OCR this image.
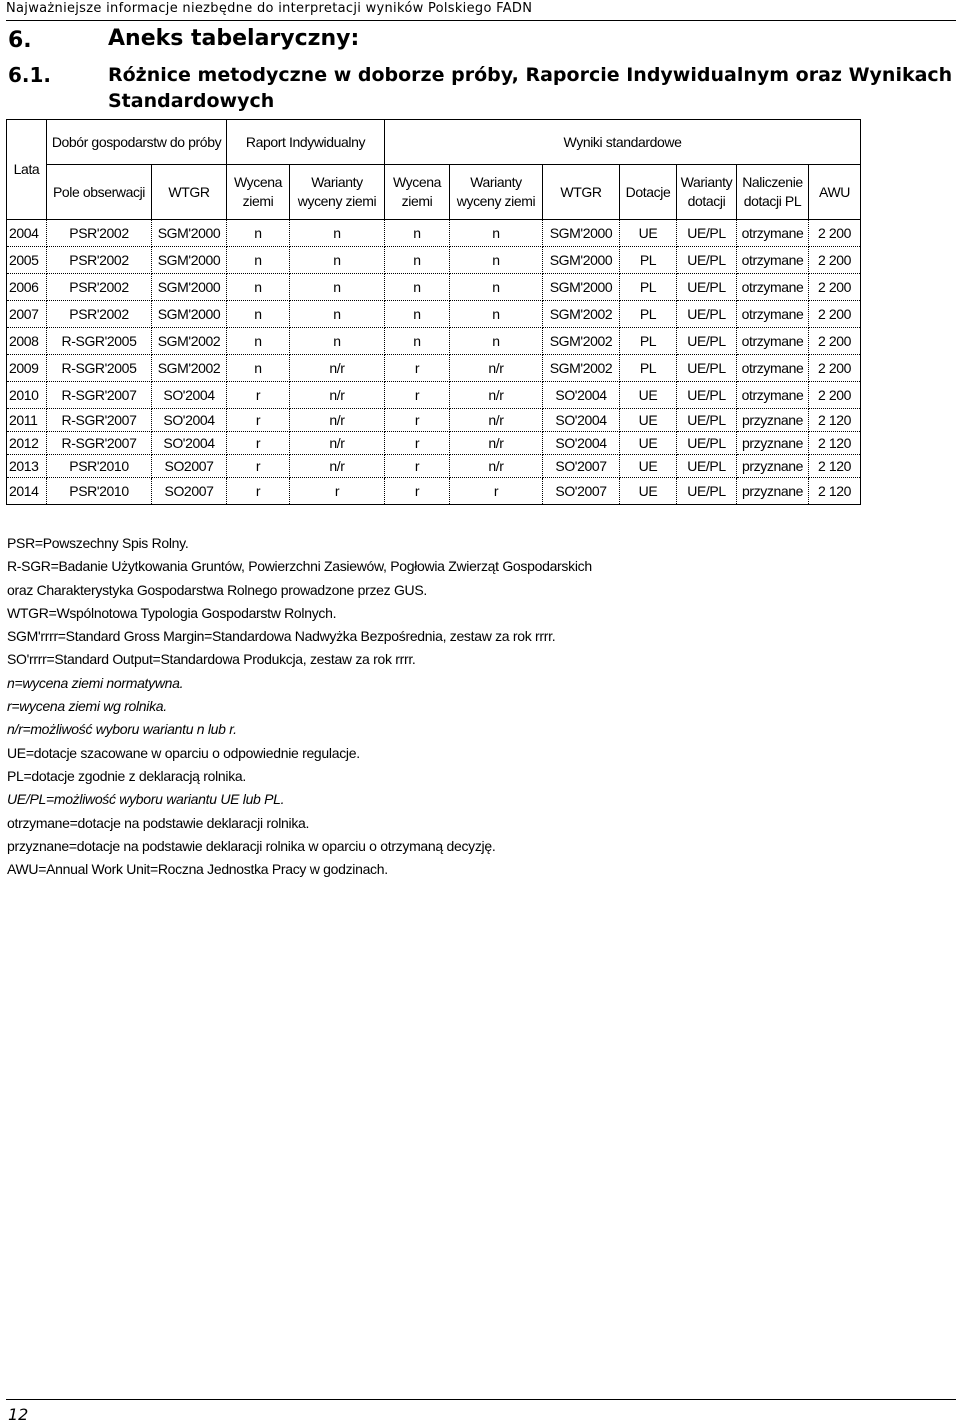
Najważniejsze informacje niezbędne do interpretacji wyników Polskiego FADN
6.	Aneks tabelaryczny:
6.1.	Różnice metodyczne w doborze próby, Raporcie Indywidualnym oraz Wynikach Standardowych
Lata	Dobór gospodarstw do próby		Raport Indywidualny		Wyniki standardowe						
	Pole obserwacji	WTGR	Wycena ziemi	Warianty wyceny ziemi	Wycena ziemi	Warianty wyceny ziemi	WTGR	Dotacje	Warianty dotacji	Naliczenie dotacji PL	AWU
2004	PSR'2002	SGM'2000	n	n	n	n	SGM'2000	UE	UE/PL	otrzymane	2 200
2005	PSR'2002	SGM'2000	n	n	n	n	SGM'2000	PL	UE/PL	otrzymane	2 200
2006	PSR'2002	SGM'2000	n	n	n	n	SGM'2000	PL	UE/PL	otrzymane	2 200
2007	PSR'2002	SGM'2000	n	n	n	n	SGM'2002	PL	UE/PL	otrzymane	2 200
2008	R-SGR'2005	SGM'2002	n	n	n	n	SGM'2002	PL	UE/PL	otrzymane	2 200
2009	R-SGR'2005	SGM'2002	n	n/r	r	n/r	SGM'2002	PL	UE/PL	otrzymane	2 200
2010	R-SGR'2007	SO'2004	r	n/r	r	n/r	SO'2004	UE	UE/PL	otrzymane	2 200
2011	R-SGR'2007	SO'2004	r	n/r	r	n/r	SO'2004	UE	UE/PL	przyznane	2 120
2012	R-SGR'2007	SO'2004	r	n/r	r	n/r	SO'2004	UE	UE/PL	przyznane	2 120
2013	PSR'2010	SO2007	r	n/r	r	n/r	SO'2007	UE	UE/PL	przyznane	2 120
2014	PSR'2010	SO2007	r	r	r	r	SO'2007	UE	UE/PL	przyznane	2 120
PSR=Powszechny Spis Rolny.
R-SGR=Badanie Użytkowania Gruntów, Powierzchni Zasiewów, Pogłowia Zwierząt Gospodarskich
oraz Charakterystyka Gospodarstwa Rolnego prowadzone przez GUS.
WTGR=Wspólnotowa Typologia Gospodarstw Rolnych.
SGM'rrrr=Standard Gross Margin=Standardowa Nadwyżka Bezpośrednia, zestaw za rok rrrr.
SO'rrrr=Standard Output=Standardowa Produkcja, zestaw za rok rrrr.
n=wycena ziemi normatywna.
r=wycena ziemi wg rolnika.
n/r=możliwość wyboru wariantu n lub r.
UE=dotacje szacowane w oparciu o odpowiednie regulacje.
PL=dotacje zgodnie z deklaracją rolnika.
UE/PL=możliwość wyboru wariantu UE lub PL.
otrzymane=dotacje na podstawie deklaracji rolnika.
przyznane=dotacje na podstawie deklaracji rolnika w oparciu o otrzymaną decyzję.
AWU=Annual Work Unit=Roczna Jednostka Pracy w godzinach.
12
